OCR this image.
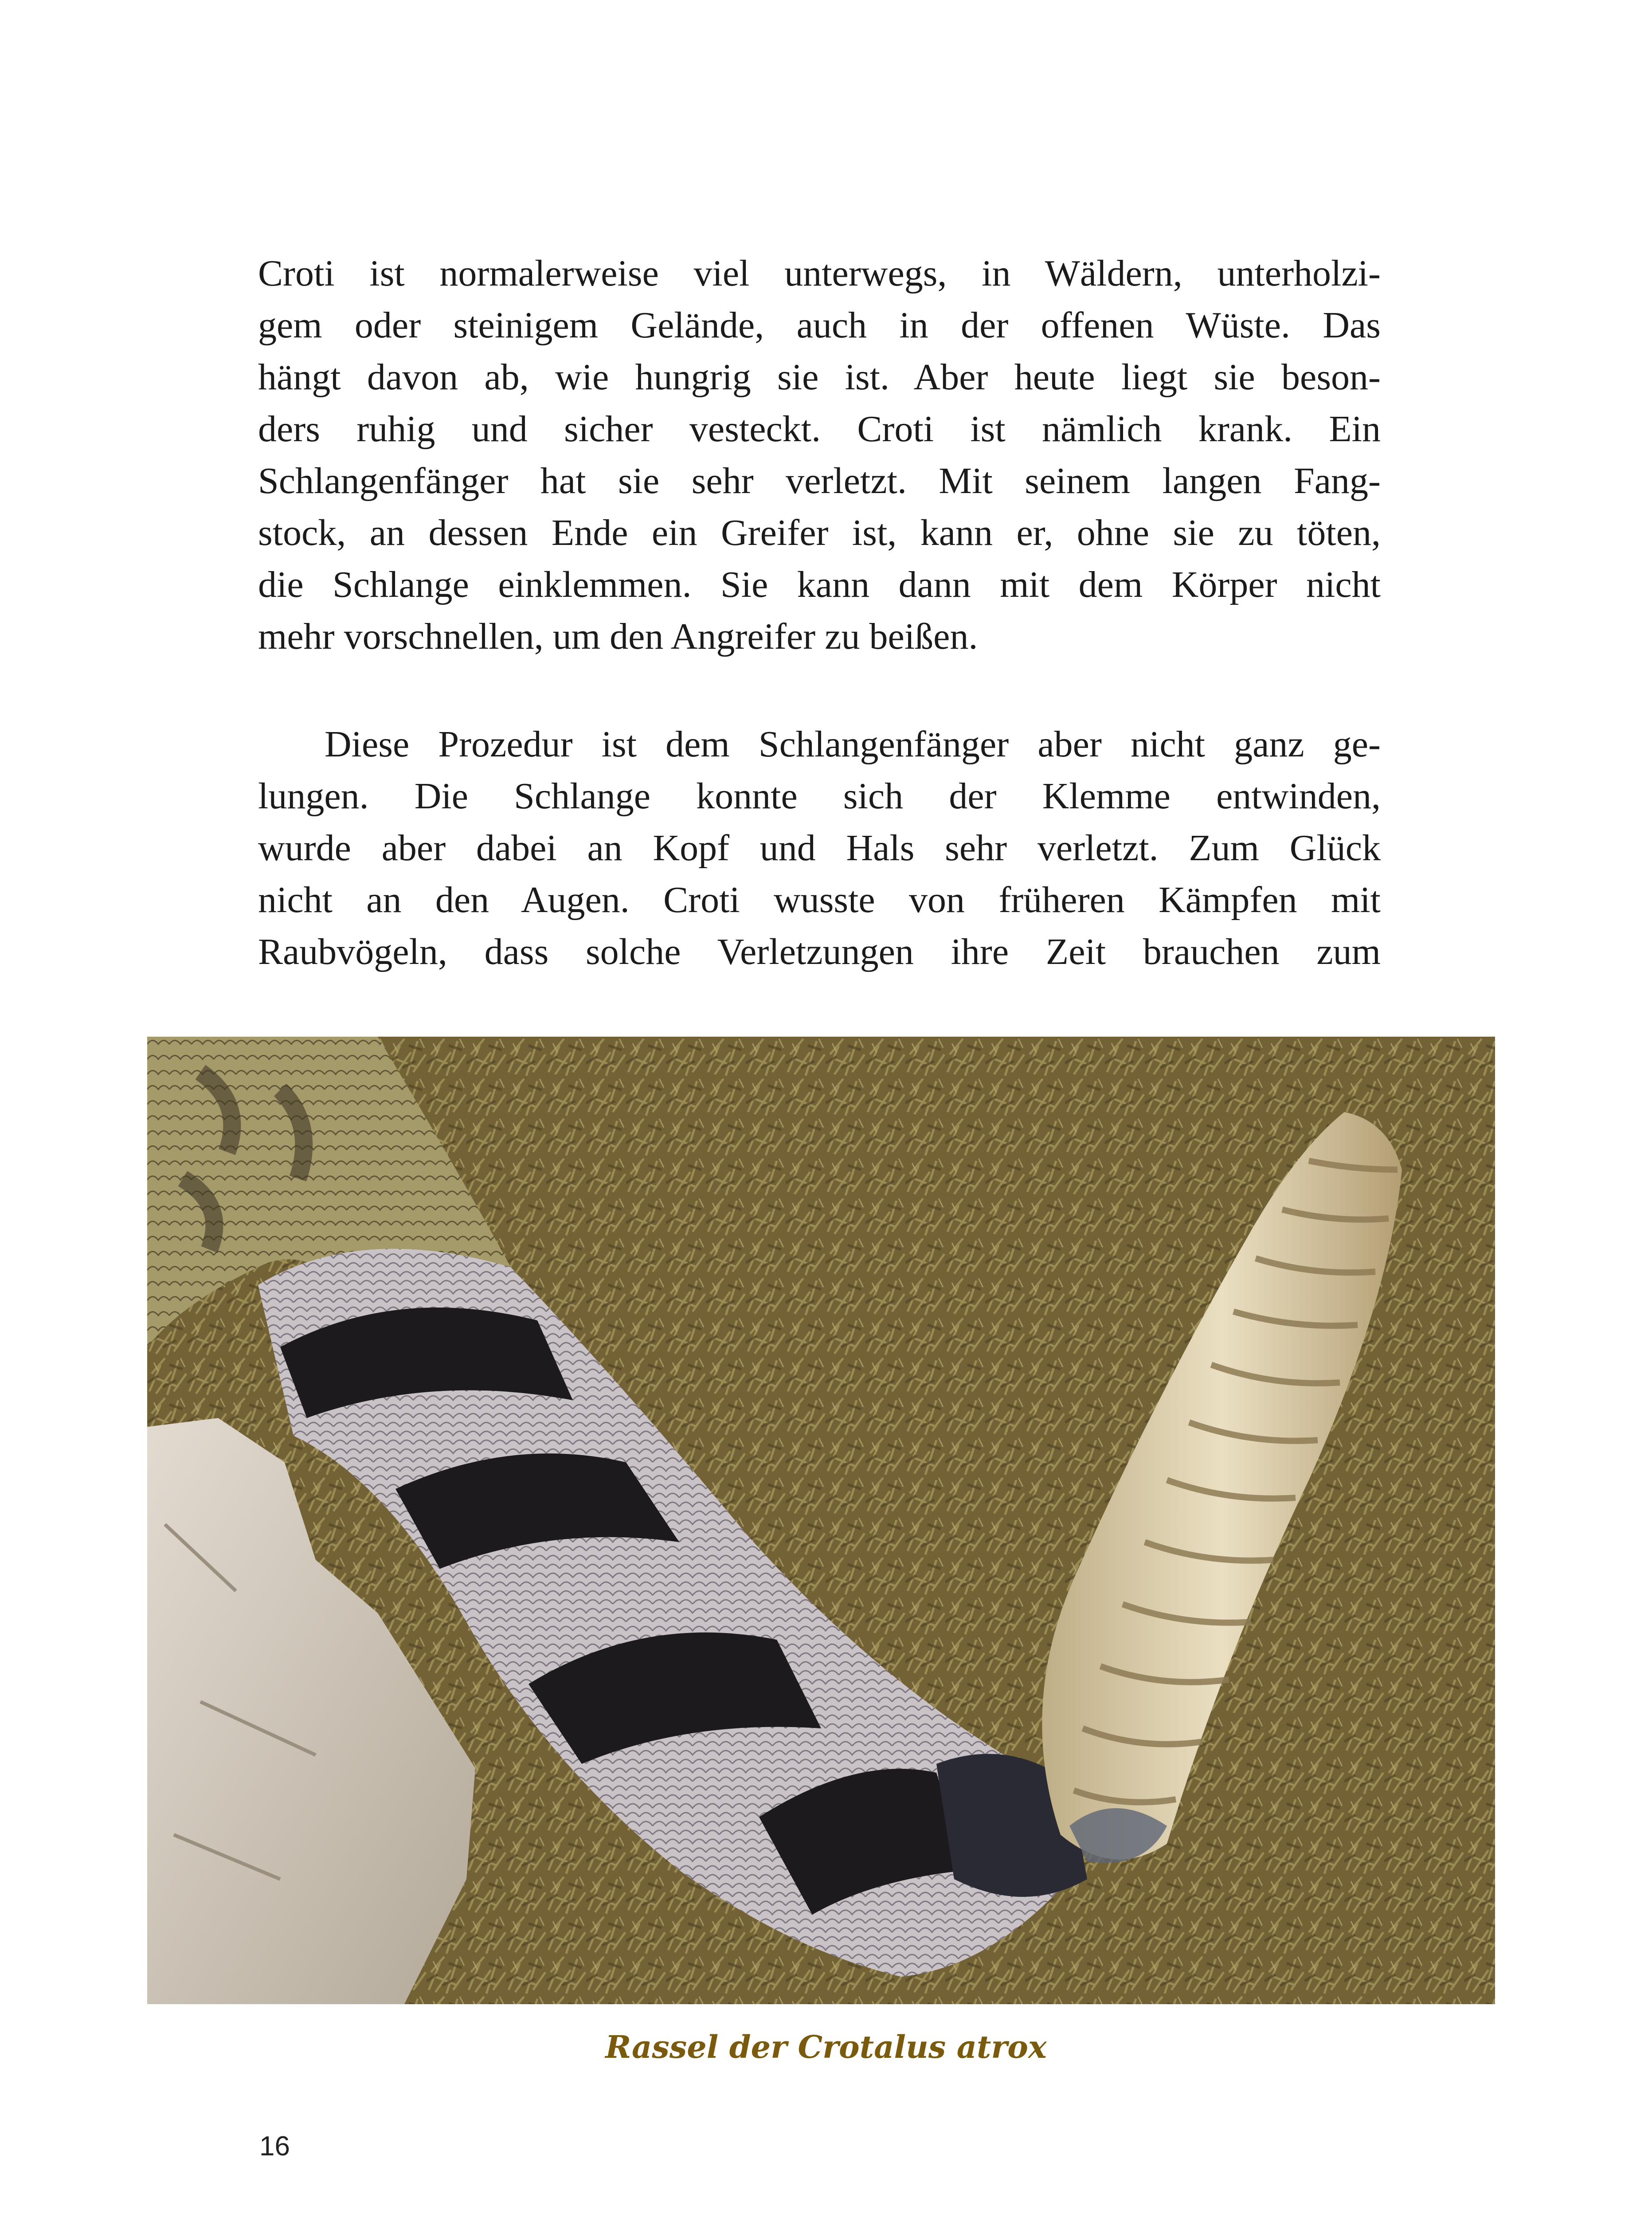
Croti ist normalerweise viel unterwegs, in Wäldern, unterholzi-
gem oder steinigem Gelände, auch in der offenen Wüste. Das
hängt davon ab, wie hungrig sie ist. Aber heute liegt sie beson-
ders ruhig und sicher vesteckt. Croti ist nämlich krank. Ein
Schlangenfänger hat sie sehr verletzt. Mit seinem langen Fang-
stock, an dessen Ende ein Greifer ist, kann er, ohne sie zu töten,
die Schlange einklemmen. Sie kann dann mit dem Körper nicht
mehr vorschnellen, um den Angreifer zu beißen.
Diese Prozedur ist dem Schlangenfänger aber nicht ganz ge-
lungen. Die Schlange konnte sich der Klemme entwinden,
wurde aber dabei an Kopf und Hals sehr verletzt. Zum Glück
nicht an den Augen. Croti wusste von früheren Kämpfen mit
Raubvögeln, dass solche Verletzungen ihre Zeit brauchen zum
Rassel der Crotalus atrox
16
